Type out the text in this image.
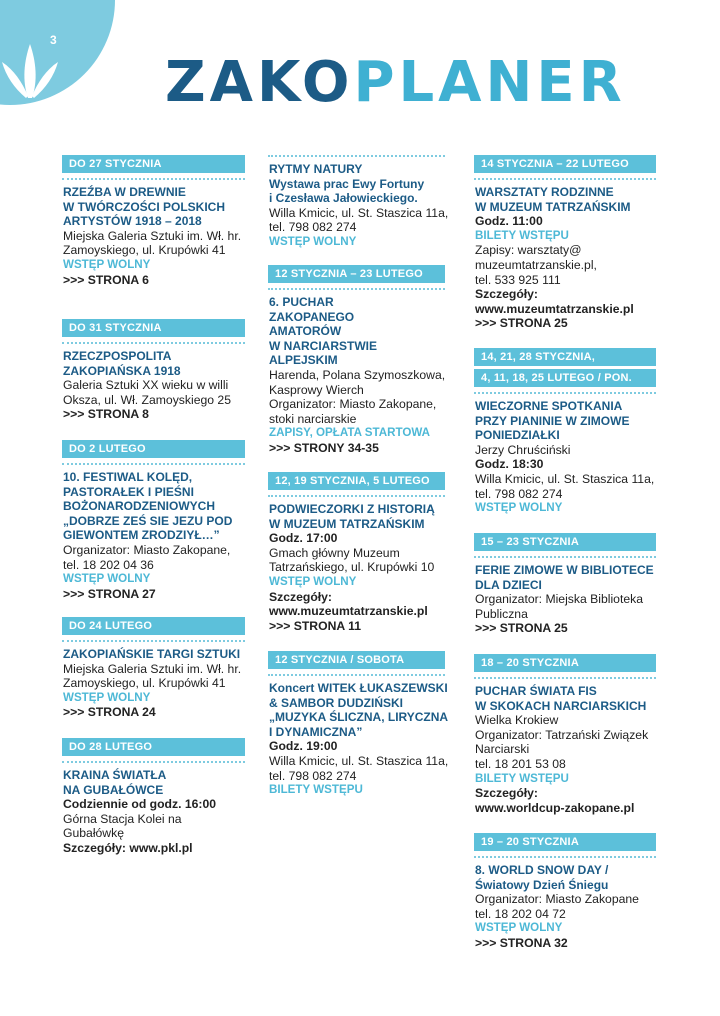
3
ZAKOPLANER
DO 27 STYCZNIA
RZEŹBA W DREWNIE
W TWÓRCZOŚCI POLSKICH
ARTYSTÓW 1918 – 2018
Miejska Galeria Sztuki im. Wł. hr.
Zamoyskiego, ul. Krupówki 41
WSTĘP WOLNY
>>> STRONA 6
DO 31 STYCZNIA
RZECZPOSPOLITA
ZAKOPIAŃSKA 1918
Galeria Sztuki XX wieku w willi
Oksza, ul. Wł. Zamoyskiego 25
>>> STRONA 8
DO 2 LUTEGO
10. FESTIWAL KOLĘD,
PASTORAŁEK I PIEŚNI
BOŻONARODZENIOWYCH
„DOBRZE ZEŚ SIE JEZU POD
GIEWONTEM ZRODZIYŁ…”
Organizator: Miasto Zakopane,
tel. 18 202 04 36
WSTĘP WOLNY
>>> STRONA 27
DO 24 LUTEGO
ZAKOPIAŃSKIE TARGI SZTUKI
Miejska Galeria Sztuki im. Wł. hr.
Zamoyskiego, ul. Krupówki 41
WSTĘP WOLNY
>>> STRONA 24
DO 28 LUTEGO
KRAINA ŚWIATŁA
NA GUBAŁÓWCE
Codziennie od godz. 16:00
Górna Stacja Kolei na
Gubałówkę
Szczegóły: www.pkl.pl
RYTMY NATURY
Wystawa prac Ewy Fortuny
i Czesława Jałowieckiego.
Willa Kmicic, ul. St. Staszica 11a,
tel. 798 082 274
WSTĘP WOLNY
12 STYCZNIA – 23 LUTEGO
6. PUCHAR
ZAKOPANEGO
AMATORÓW
W NARCIARSTWIE
ALPEJSKIM
Harenda, Polana Szymoszkowa,
Kasprowy Wierch
Organizator: Miasto Zakopane,
stoki narciarskie
ZAPISY, OPŁATA STARTOWA
>>> STRONY 34-35
12, 19 STYCZNIA, 5 LUTEGO
PODWIECZORKI Z HISTORIĄ
W MUZEUM TATRZAŃSKIM
Godz. 17:00
Gmach główny Muzeum
Tatrzańskiego, ul. Krupówki 10
WSTĘP WOLNY
Szczegóły:
www.muzeumtatrzanskie.pl
>>> STRONA 11
12 STYCZNIA / SOBOTA
Koncert WITEK ŁUKASZEWSKI
& SAMBOR DUDZIŃSKI
„MUZYKA ŚLICZNA, LIRYCZNA
I DYNAMICZNA”
Godz. 19:00
Willa Kmicic, ul. St. Staszica 11a,
tel. 798 082 274
BILETY WSTĘPU
14 STYCZNIA – 22 LUTEGO
WARSZTATY RODZINNE
W MUZEUM TATRZAŃSKIM
Godz. 11:00
BILETY WSTĘPU
Zapisy: warsztaty@
muzeumtatrzanskie.pl,
tel. 533 925 111
Szczegóły:
www.muzeumtatrzanskie.pl
>>> STRONA 25
14, 21, 28 STYCZNIA,
4, 11, 18, 25 LUTEGO / PON.
WIECZORNE SPOTKANIA
PRZY PIANINIE W ZIMOWE
PONIEDZIAŁKI
Jerzy Chruściński
Godz. 18:30
Willa Kmicic, ul. St. Staszica 11a,
tel. 798 082 274
WSTĘP WOLNY
15 – 23 STYCZNIA
FERIE ZIMOWE W BIBLIOTECE
DLA DZIECI
Organizator: Miejska Biblioteka
Publiczna
>>> STRONA 25
18 – 20 STYCZNIA
PUCHAR ŚWIATA FIS
W SKOKACH NARCIARSKICH
Wielka Krokiew
Organizator: Tatrzański Związek
Narciarski
tel. 18 201 53 08
BILETY WSTĘPU
Szczegóły:
www.worldcup-zakopane.pl
19 – 20 STYCZNIA
8. WORLD SNOW DAY /
Światowy Dzień Śniegu
Organizator: Miasto Zakopane
tel. 18 202 04 72
WSTĘP WOLNY
>>> STRONA 32
